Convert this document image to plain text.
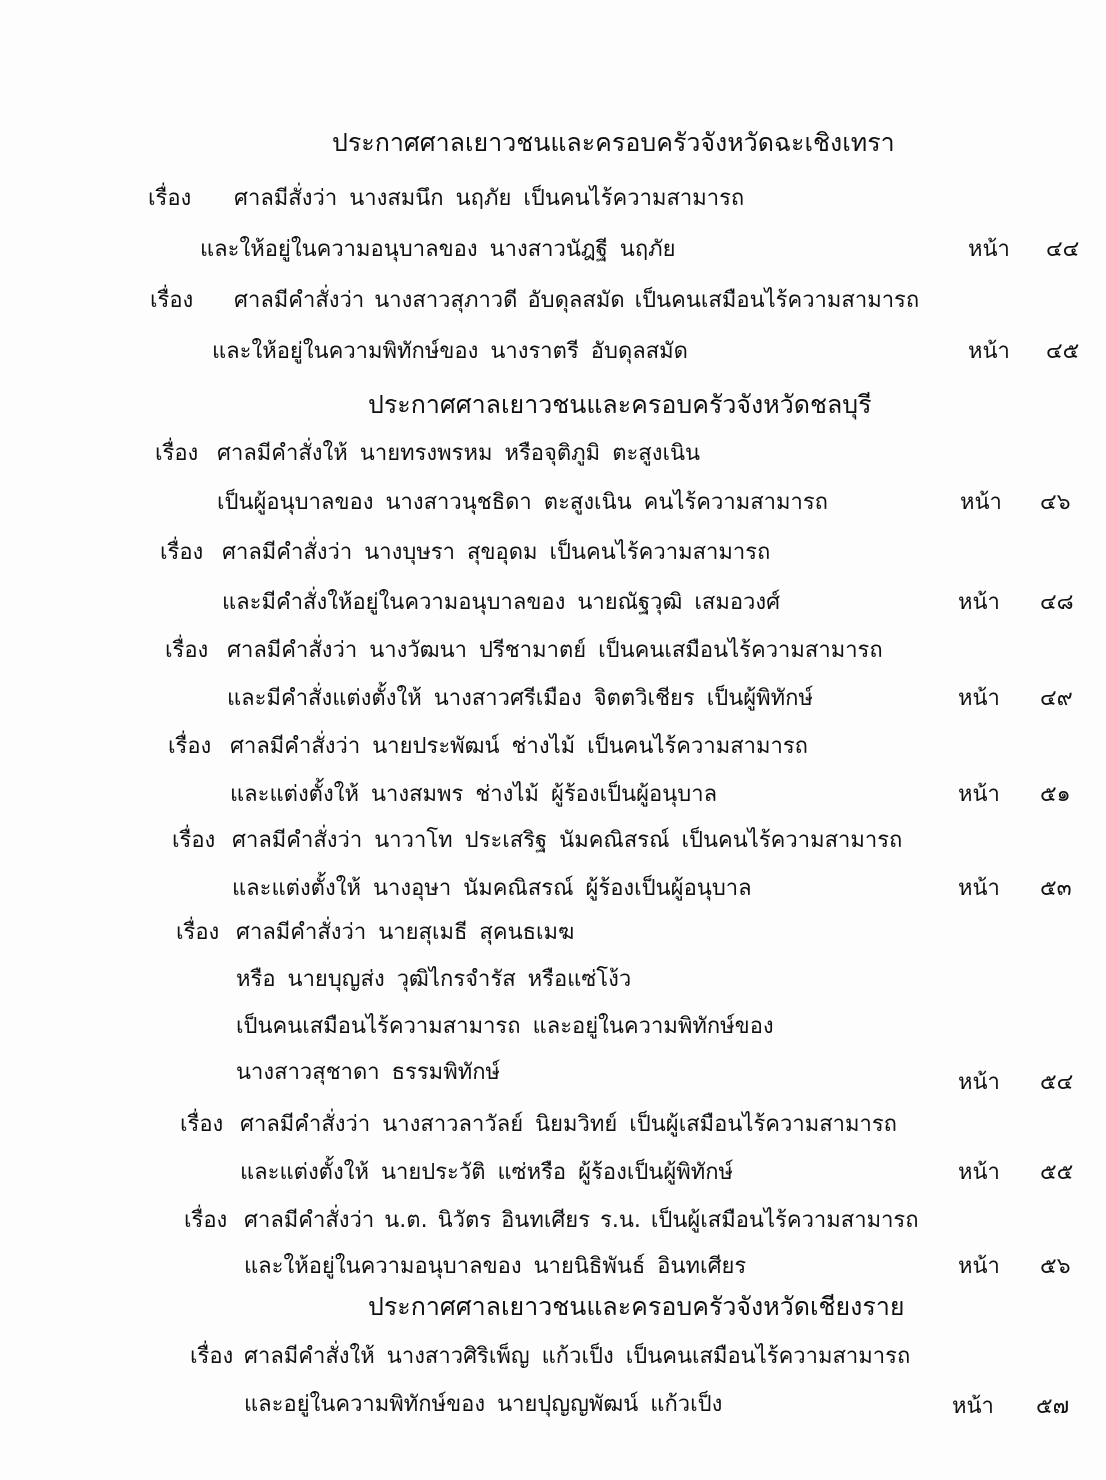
ประกาศศาลเยาวชนและครอบครัวจังหวัดฉะเชิงเทรา
เรื่อง ศาลมีสั่งว่า นางสมนึก นฤภัย เป็นคนไร้ความสามารถ
และให้อยู่ในความอนุบาลของ นางสาวนัฎฐี นฤภัย	หน้า ๔๔
เรื่อง ศาลมีคำสั่งว่า นางสาวสุภาวดี อับดุลสมัด เป็นคนเสมือนไร้ความสามารถ
และให้อยู่ในความพิทักษ์ของ นางราตรี อับดุลสมัด	หน้า ๔๕
ประกาศศาลเยาวชนและครอบครัวจังหวัดชลบุรี
เรื่อง ศาลมีคำสั่งให้ นายทรงพรหม หรือจุติภูมิ ตะสูงเนิน
เป็นผู้อนุบาลของ นางสาวนุชธิดา ตะสูงเนิน คนไร้ความสามารถ	หน้า ๔๖
เรื่อง ศาลมีคำสั่งว่า นางบุษรา สุขอุดม เป็นคนไร้ความสามารถ
และมีคำสั่งให้อยู่ในความอนุบาลของ นายณัฐวุฒิ เสมอวงศ์	หน้า ๔๘
เรื่อง ศาลมีคำสั่งว่า นางวัฒนา ปรีชามาตย์ เป็นคนเสมือนไร้ความสามารถ
และมีคำสั่งแต่งตั้งให้ นางสาวศรีเมือง จิตตวิเชียร เป็นผู้พิทักษ์	หน้า ๔๙
เรื่อง ศาลมีคำสั่งว่า นายประพัฒน์ ช่างไม้ เป็นคนไร้ความสามารถ
และแต่งตั้งให้ นางสมพร ช่างไม้ ผู้ร้องเป็นผู้อนุบาล	หน้า ๕๑
เรื่อง ศาลมีคำสั่งว่า นาวาโท ประเสริฐ นัมคณิสรณ์ เป็นคนไร้ความสามารถ
และแต่งตั้งให้ นางอุษา นัมคณิสรณ์ ผู้ร้องเป็นผู้อนุบาล	หน้า ๕๓
เรื่อง ศาลมีคำสั่งว่า นายสุเมธี สุคนธเมฆ
หรือ นายบุญส่ง วุฒิไกรจำรัส หรือแซ่โง้ว
เป็นคนเสมือนไร้ความสามารถ และอยู่ในความพิทักษ์ของ
นางสาวสุชาดา ธรรมพิทักษ์	หน้า ๕๔
เรื่อง ศาลมีคำสั่งว่า นางสาวลาวัลย์ นิยมวิทย์ เป็นผู้เสมือนไร้ความสามารถ
และแต่งตั้งให้ นายประวัติ แซ่หรือ ผู้ร้องเป็นผู้พิทักษ์	หน้า ๕๕
เรื่อง ศาลมีคำสั่งว่า น.ต. นิวัตร อินทเศียร ร.น. เป็นผู้เสมือนไร้ความสามารถ
และให้อยู่ในความอนุบาลของ นายนิธิพันธ์ อินทเศียร	หน้า ๕๖
ประกาศศาลเยาวชนและครอบครัวจังหวัดเชียงราย
เรื่อง ศาลมีคำสั่งให้ นางสาวศิริเพ็ญ แก้วเป็ง เป็นคนเสมือนไร้ความสามารถ
และอยู่ในความพิทักษ์ของ นายปุญญพัฒน์ แก้วเป็ง	หน้า ๕๗
